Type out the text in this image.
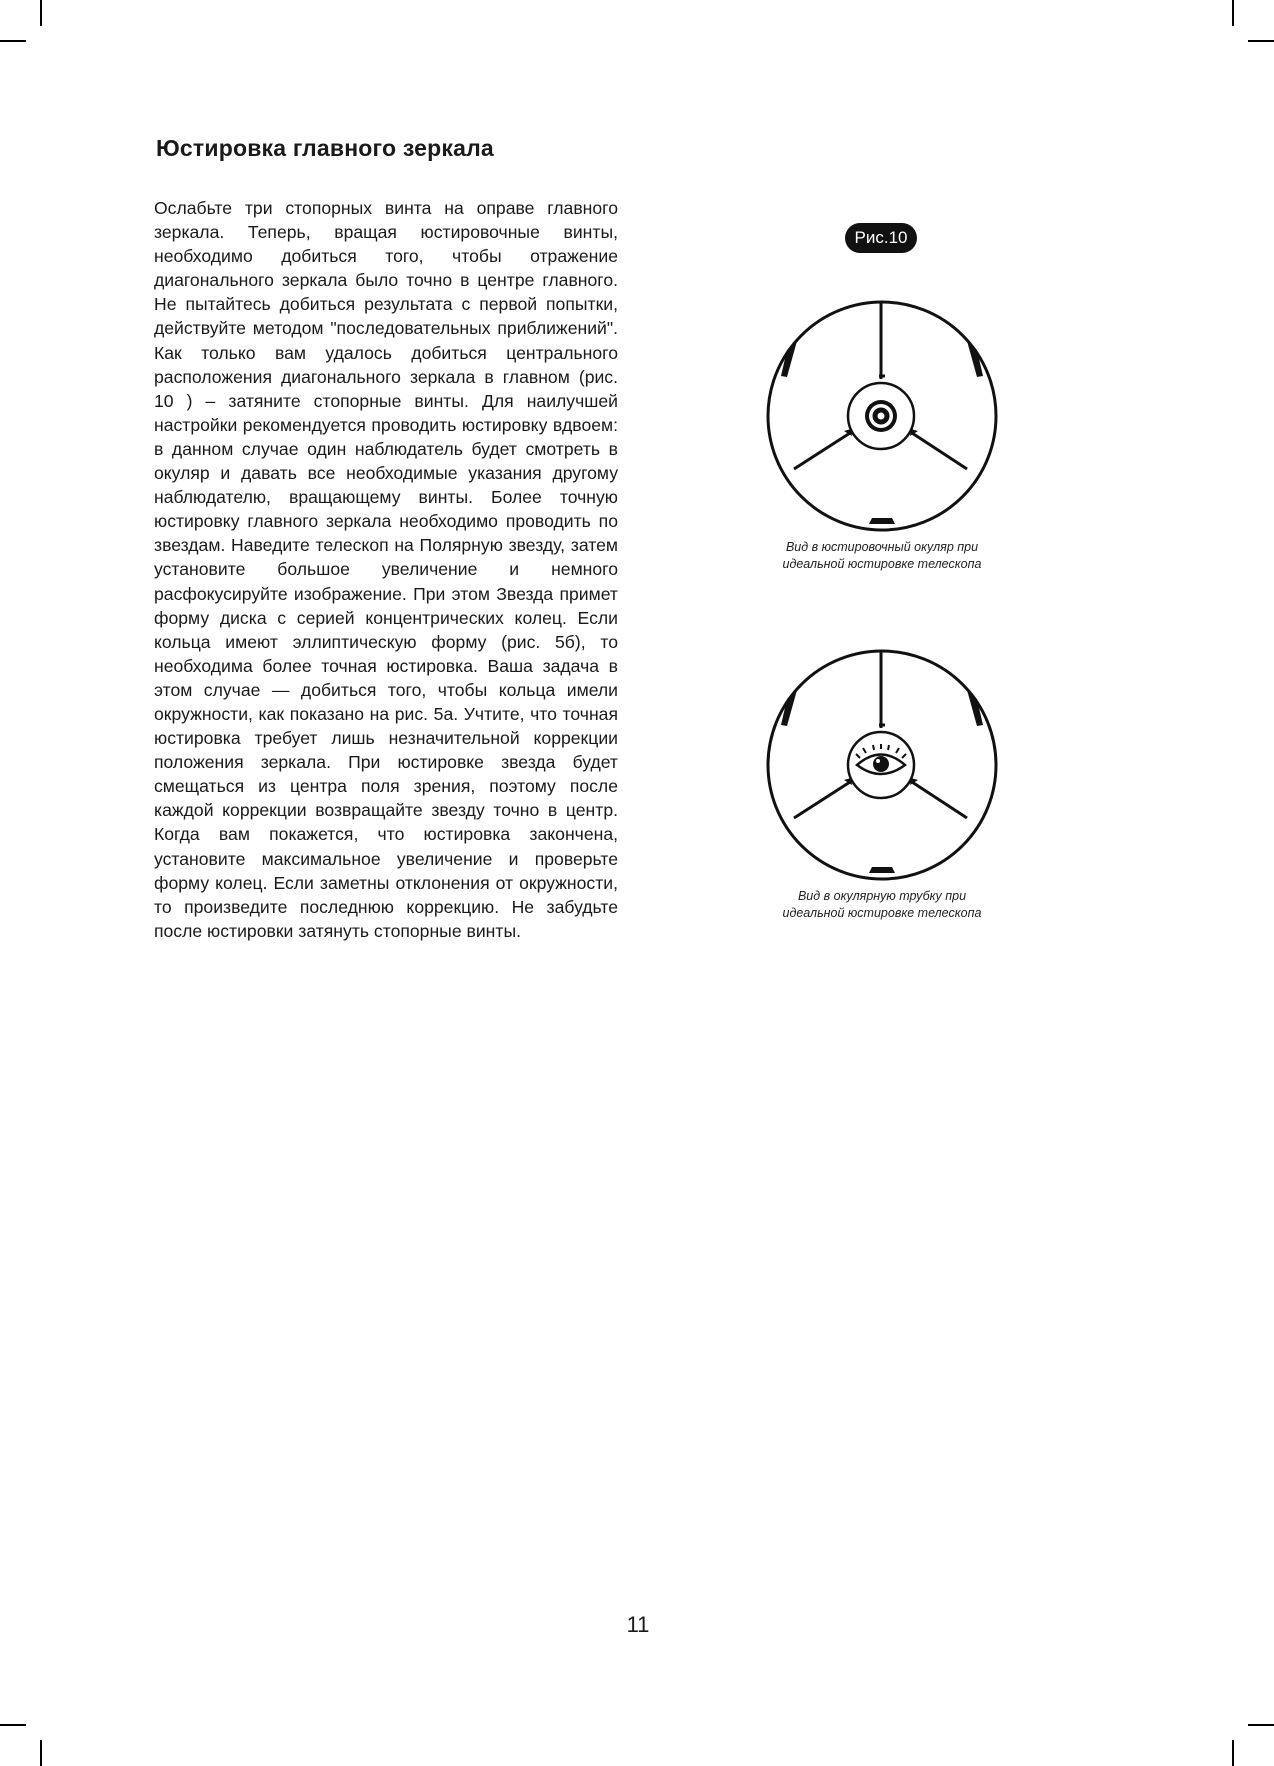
Юстировка главного зеркала

Ослабьте три стопорных винта на оправе главного зеркала. Теперь, вращая юстировочные винты, необходимо добиться того, чтобы отражение диагонального зеркала было точно в центре главного. Не пытайтесь добиться результата с первой попытки, действуйте методом "последовательных приближений". Как только вам удалось добиться центрального расположения диагонального зеркала в главном (рис. 10 ) – затяните стопорные винты. Для наилучшей настройки рекомендуется проводить юстировку вдвоем: в данном случае один наблюдатель будет смотреть в окуляр и давать все необходимые указания другому наблюдателю, вращающему винты. Более точную юстировку главного зеркала необходимо проводить по звездам. Наведите телескоп на Полярную звезду, затем установите большое увеличение и немного расфокусируйте изображение. При этом Звезда примет форму диска с серией концентрических колец. Если кольца имеют эллиптическую форму (рис. 5б), то необходима более точная юстировка. Ваша задача в этом случае — добиться того, чтобы кольца имели окружности, как показано на рис. 5а. Учтите, что точная юстировка требует лишь незначительной коррекции положения зеркала. При юстировке звезда будет смещаться из центра поля зрения, поэтому после каждой коррекции возвращайте звезду точно в центр. Когда вам покажется, что юстировка закончена, установите максимальное увеличение и проверьте форму колец. Если заметны отклонения от окружности, то произведите последнюю коррекцию. Не забудьте после юстировки затянуть стопорные винты.

Рис.10
Вид в юстировочный окуляр при
идеальной юстировке телескопа
Вид в окулярную трубку при
идеальной юстировке телескопа
11
